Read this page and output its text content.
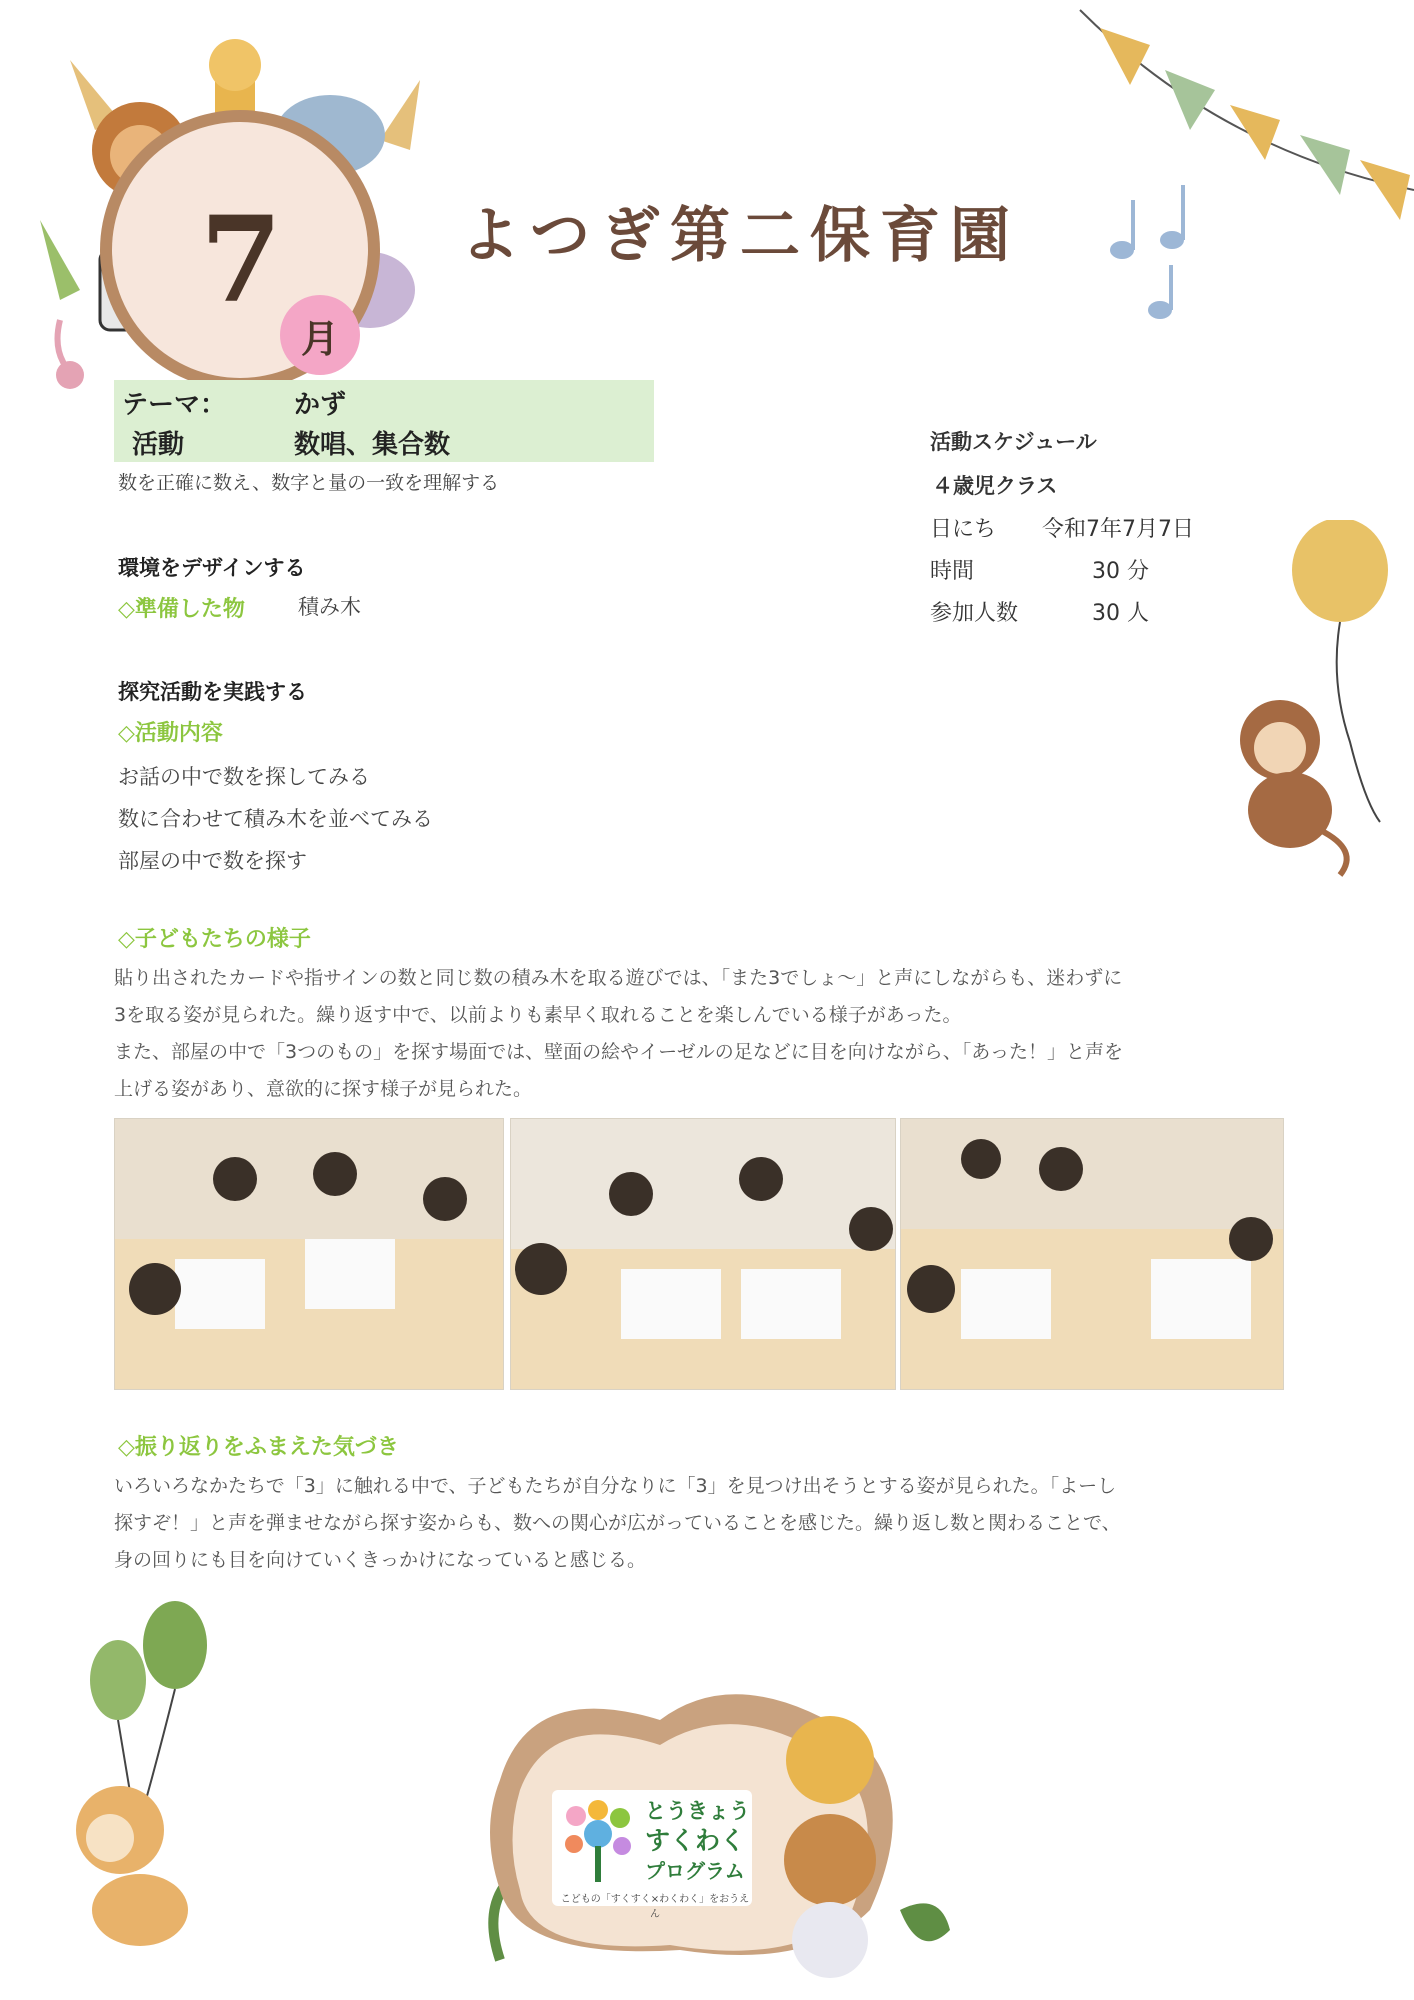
7
月
よつぎ第二保育園
テーマ：	かず
活動	数唱、集合数
数を正確に数え、数字と量の一致を理解する
活動スケジュール
４歳児クラス
日にち	令和7年7月7日
時間	30 分
参加人数	30 人
環境をデザインする
◇準備した物	積み木
探究活動を実践する
◇活動内容
お話の中で数を探してみる
数に合わせて積み木を並べてみる
部屋の中で数を探す
◇子どもたちの様子
貼り出されたカードや指サインの数と同じ数の積み木を取る遊びでは、「また3でしょ～」と声にしながらも、迷わずに
3を取る姿が見られた。繰り返す中で、以前よりも素早く取れることを楽しんでいる様子があった。
また、部屋の中で「3つのもの」を探す場面では、壁面の絵やイーゼルの足などに目を向けながら、「あった！」と声を
上げる姿があり、意欲的に探す様子が見られた。
◇振り返りをふまえた気づき
いろいろなかたちで「3」に触れる中で、子どもたちが自分なりに「3」を見つけ出そうとする姿が見られた。「よーし
探すぞ！」と声を弾ませながら探す姿からも、数への関心が広がっていることを感じた。繰り返し数と関わることで、
身の回りにも目を向けていくきっかけになっていると感じる。
とうきょう
すくわく
プログラム
こどもの「すくすく×わくわく」をおうえん
